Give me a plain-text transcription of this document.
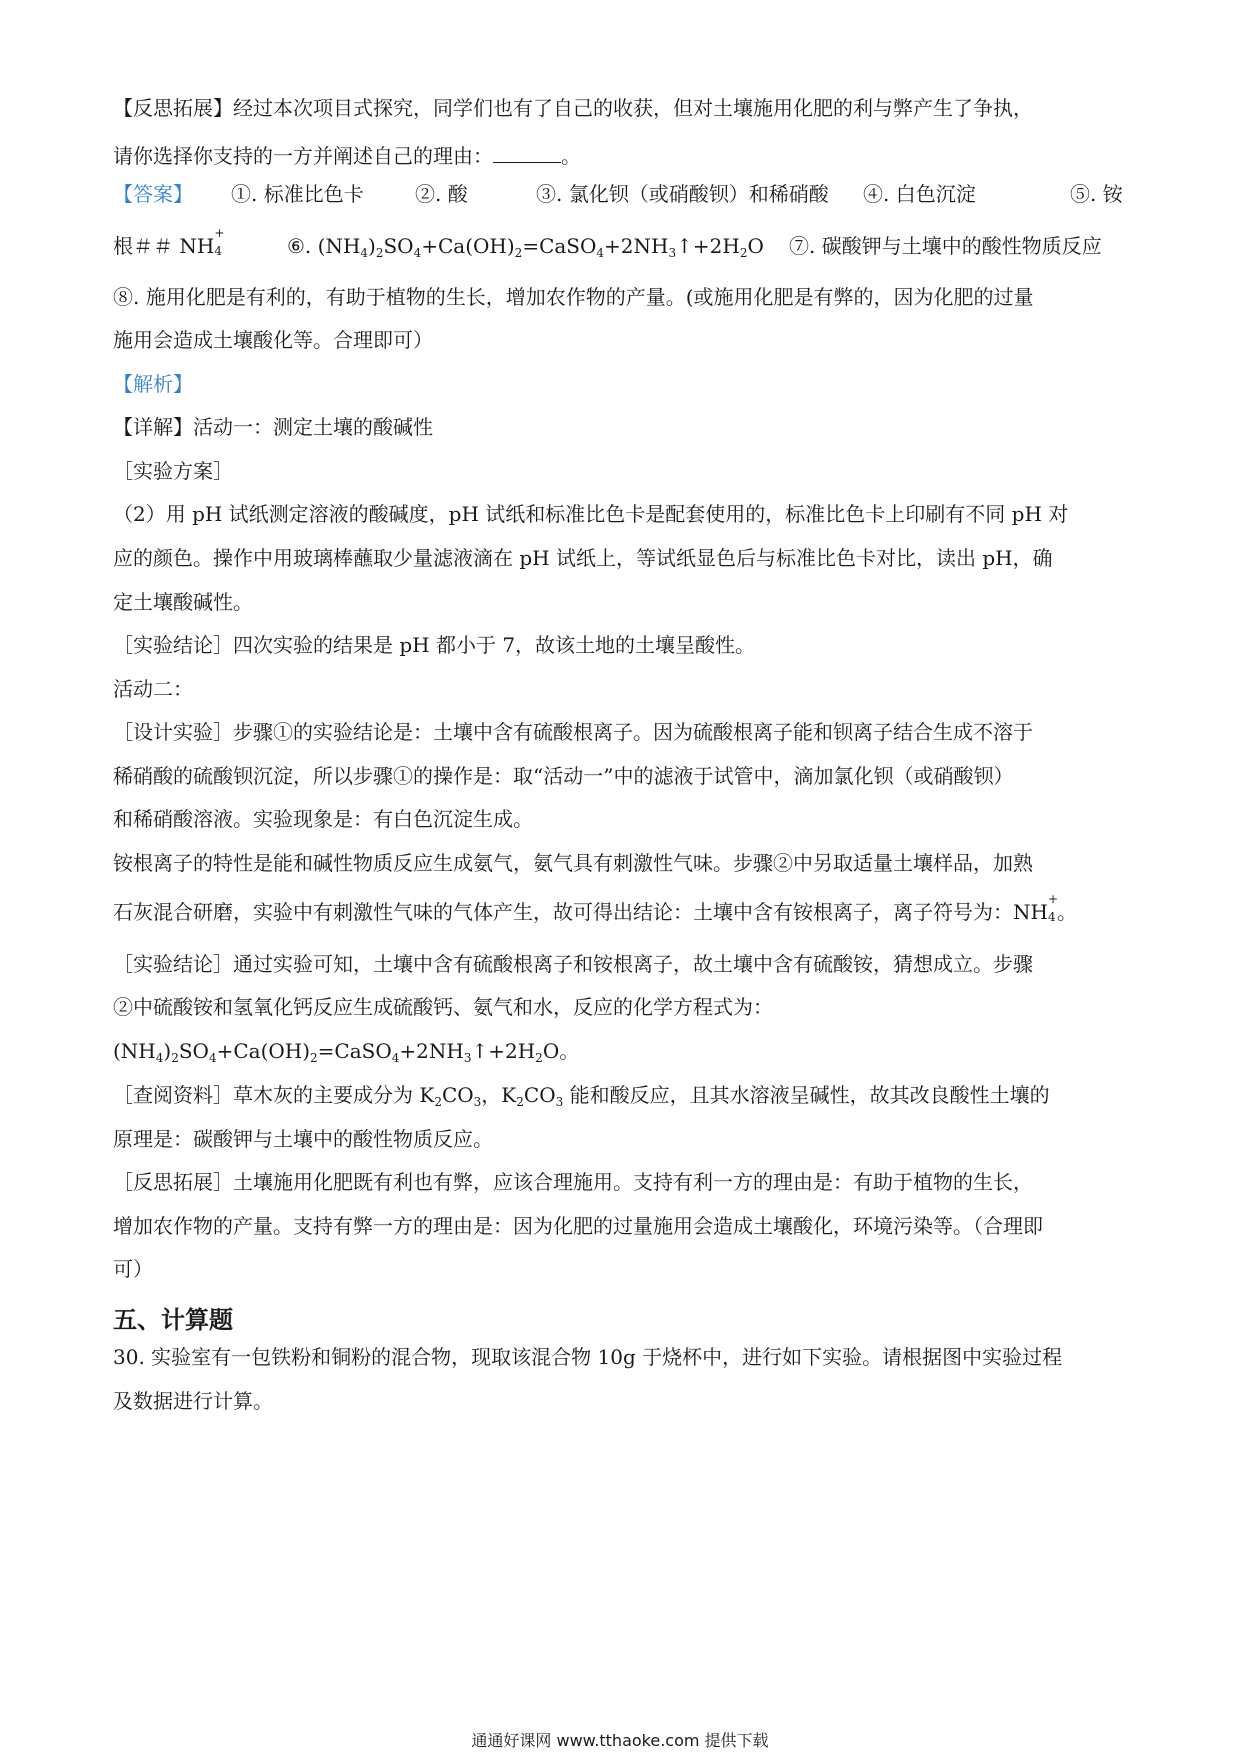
【反思拓展】经过本次项目式探究，同学们也有了自己的收获，但对土壤施用化肥的利与弊产生了争执，
请你选择你支持的一方并阐述自己的理由：	。
【答案】 ①. 标准比色卡	②. 酸	③. 氯化钡（或硝酸钡）和稀硝酸 ④. 白色沉淀	⑤. 铵
根＃＃ NH
+
4	⑥. $(NH_4)_2SO_4+Ca(OH)_2=CaSO_4+2NH_3↑+2H_2O$ ⑦. 碳酸钾与土壤中的酸性物质反应
⑧. 施用化肥是有利的，有助于植物的生长，增加农作物的产量。(或施用化肥是有弊的，因为化肥的过量
施用会造成土壤酸化等。合理即可）
【解析】
【详解】活动一：测定土壤的酸碱性
［实验方案］
（2）用 pH 试纸测定溶液的酸碱度，pH 试纸和标准比色卡是配套使用的，标准比色卡上印刷有不同 pH 对
应的颜色。操作中用玻璃棒蘸取少量滤液滴在 pH 试纸上，等试纸显色后与标准比色卡对比，读出 pH，确
定土壤酸碱性。
［实验结论］四次实验的结果是 pH 都小于 7，故该土地的土壤呈酸性。
活动二：
［设计实验］步骤①的实验结论是：土壤中含有硫酸根离子。因为硫酸根离子能和钡离子结合生成不溶于
稀硝酸的硫酸钡沉淀，所以步骤①的操作是：取“活动一”中的滤液于试管中，滴加氯化钡（或硝酸钡）
和稀硝酸溶液。实验现象是：有白色沉淀生成。
铵根离子的特性是能和碱性物质反应生成氨气，氨气具有刺激性气味。步骤②中另取适量土壤样品，加熟
石灰混合研磨，实验中有刺激性气味的气体产生，故可得出结论：土壤中含有铵根离子，离子符号为：NH
+
4 。
［实验结论］通过实验可知，土壤中含有硫酸根离子和铵根离子，故土壤中含有硫酸铵，猜想成立。步骤
②中硫酸铵和氢氧化钙反应生成硫酸钙、氨气和水，反应的化学方程式为：
$(NH_4)_2SO_4+Ca(OH)_2=CaSO_4+2NH_3↑+2H_2O$。
［查阅资料］草木灰的主要成分为 $K_2CO_3$，$K_2CO_3$ 能和酸反应，且其水溶液呈碱性，故其改良酸性土壤的
原理是：碳酸钾与土壤中的酸性物质反应。
［反思拓展］土壤施用化肥既有利也有弊，应该合理施用。支持有利一方的理由是：有助于植物的生长，
增加农作物的产量。支持有弊一方的理由是：因为化肥的过量施用会造成土壤酸化，环境污染等。（合理即
可）
五、计算题
30. 实验室有一包铁粉和铜粉的混合物，现取该混合物 10g 于烧杯中，进行如下实验。请根据图中实验过程
及数据进行计算。
通通好课网 www.tthaoke.com 提供下载
